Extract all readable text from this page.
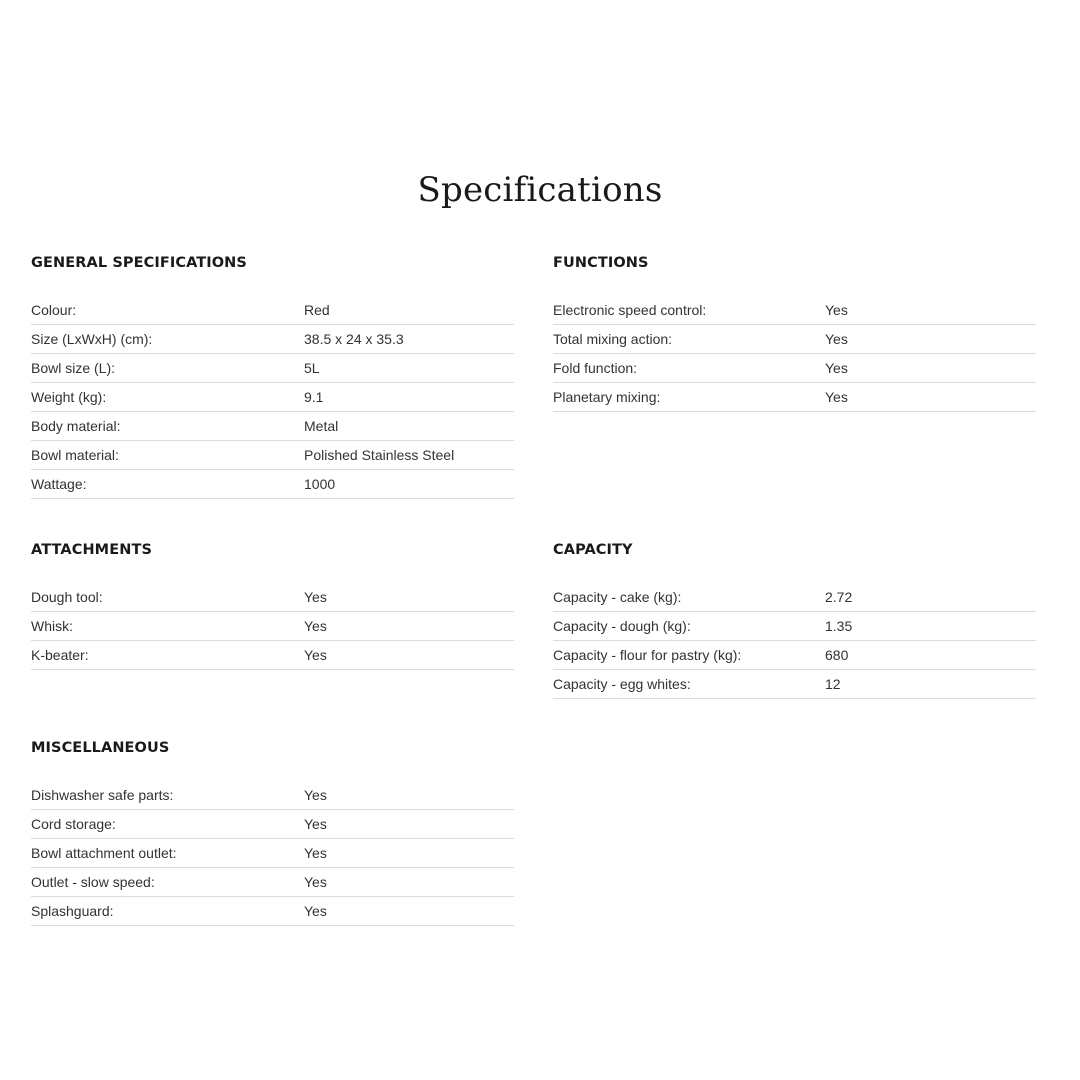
Specifications
GENERAL SPECIFICATIONS
Colour:	Red
Size (LxWxH) (cm):	38.5 x 24 x 35.3
Bowl size (L):	5L
Weight (kg):	9.1
Body material:	Metal
Bowl material:	Polished Stainless Steel
Wattage:	1000
FUNCTIONS
Electronic speed control:	Yes
Total mixing action:	Yes
Fold function:	Yes
Planetary mixing:	Yes
ATTACHMENTS
Dough tool:	Yes
Whisk:	Yes
K-beater:	Yes
CAPACITY
Capacity - cake (kg):	2.72
Capacity - dough (kg):	1.35
Capacity - flour for pastry (kg):	680
Capacity - egg whites:	12
MISCELLANEOUS
Dishwasher safe parts:	Yes
Cord storage:	Yes
Bowl attachment outlet:	Yes
Outlet - slow speed:	Yes
Splashguard:	Yes
